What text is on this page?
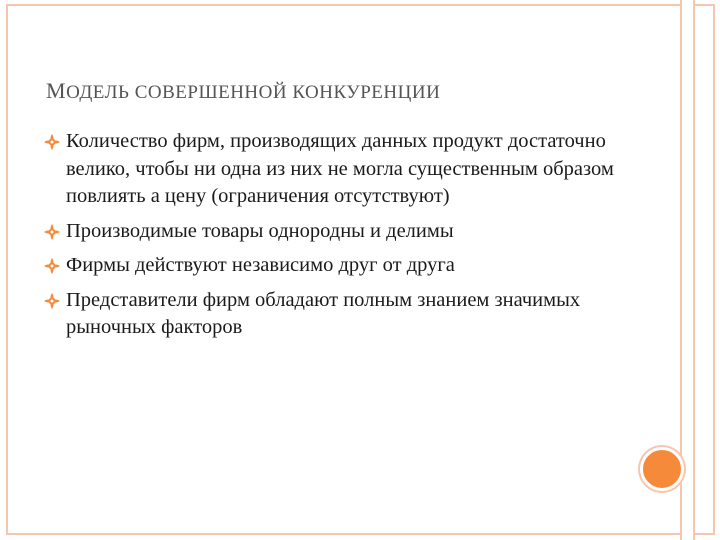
МОДЕЛЬ СОВЕРШЕННОЙ КОНКУРЕНЦИИ
Количество фирм, производящих данных продукт достаточно велико, чтобы ни одна из них не могла существенным образом повлиять а цену (ограничения отсутствуют)
Производимые товары однородны и делимы
Фирмы действуют независимо друг от друга
Представители фирм обладают полным знанием значимых рыночных факторов
